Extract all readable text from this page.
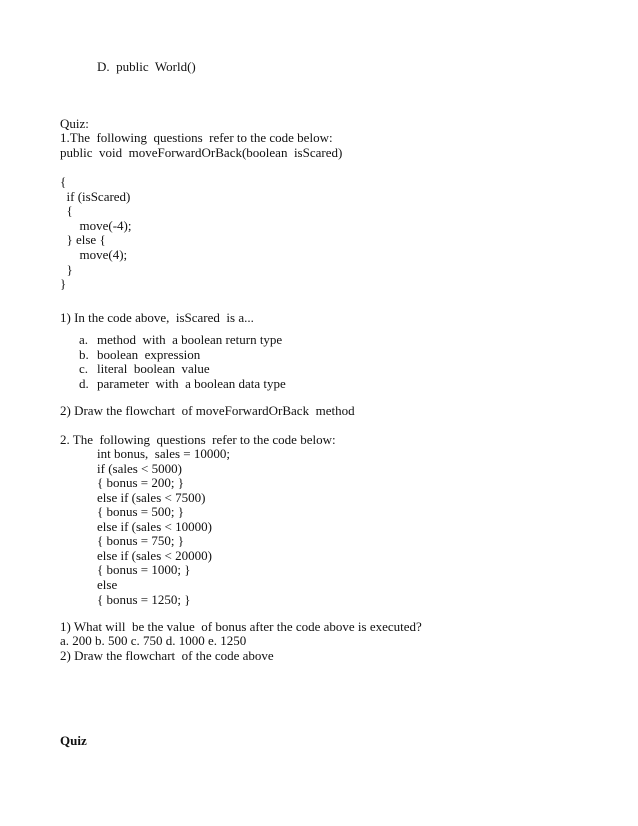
D.  public  World()
Quiz:
1.The  following  questions  refer to the code below:
public  void  moveForwardOrBack(boolean  isScared)
{
if (isScared)
{
move(-4);
} else {
move(4);
}
}
1) In the code above,  isScared  is a...
a. method  with  a boolean return type
b. boolean  expression
c. literal  boolean  value
d. parameter  with  a boolean data type
2) Draw the flowchart  of moveForwardOrBack  method
2. The  following  questions  refer to the code below:
int bonus,  sales = 10000;
if (sales < 5000)
{ bonus = 200; }
else if (sales < 7500)
{ bonus = 500; }
else if (sales < 10000)
{ bonus = 750; }
else if (sales < 20000)
{ bonus = 1000; }
else
{ bonus = 1250; }
1) What will  be the value  of bonus after the code above is executed?
a. 200 b. 500 c. 750 d. 1000 e. 1250
2) Draw the flowchart  of the code above
Quiz
